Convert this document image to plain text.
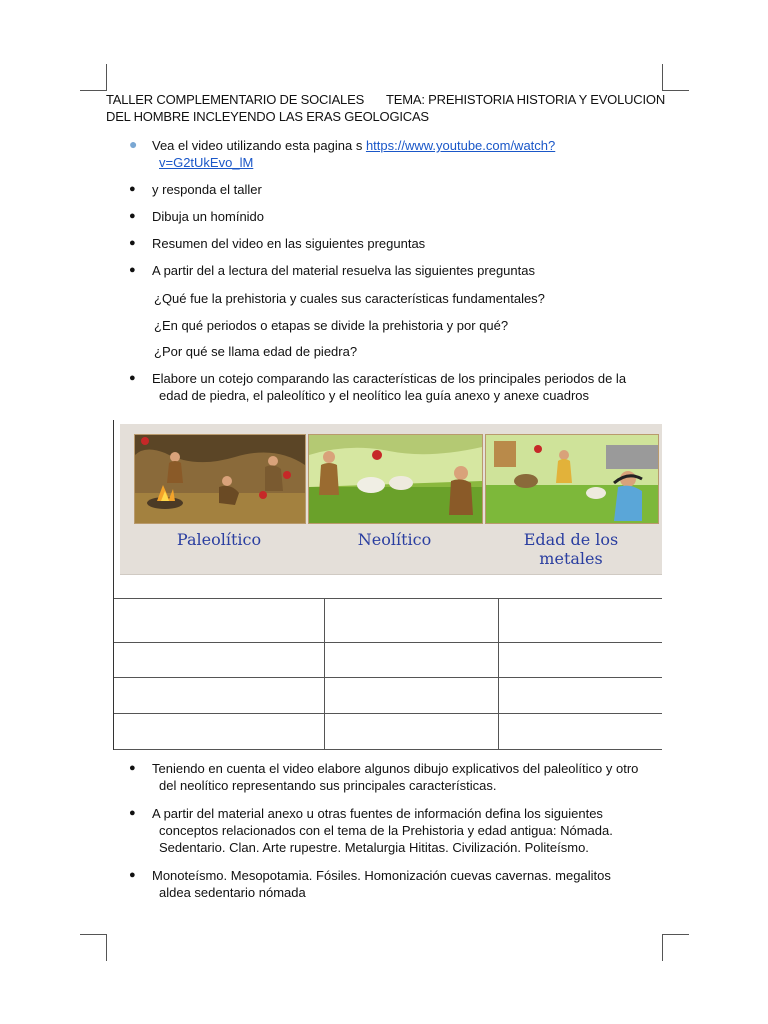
TALLER COMPLEMENTARIO DE SOCIALES TEMA: PREHISTORIA HISTORIA Y EVOLUCION
DEL HOMBRE INCLEYENDO LAS ERAS GEOLOGICAS
● Vea el video utilizando esta pagina s https://www.youtube.com/watch?
v=G2tUkEvo_lM
● y responda el taller
● Dibuja un homínido
● Resumen del video en las siguientes preguntas
● A partir del a lectura del material resuelva las siguientes preguntas
¿Qué fue la prehistoria y cuales sus características fundamentales?
¿En qué periodos o etapas se divide la prehistoria y por qué?
¿Por qué se llama edad de piedra?
● Elabore un cotejo comparando las características de los principales periodos de la
edad de piedra, el paleolítico y el neolítico lea guía anexo y anexe cuadros
Paleolítico	Neolítico	Edad de los
metales
● Teniendo en cuenta el video elabore algunos dibujo explicativos del paleolítico y otro
del neolítico representando sus principales características.
● A partir del material anexo u otras fuentes de información defina los siguientes
conceptos relacionados con el tema de la Prehistoria y edad antigua: Nómada.
Sedentario. Clan. Arte rupestre. Metalurgia Hititas. Civilización. Politeísmo.
● Monoteísmo. Mesopotamia. Fósiles. Homonización cuevas cavernas. megalitos
aldea sedentario nómada
